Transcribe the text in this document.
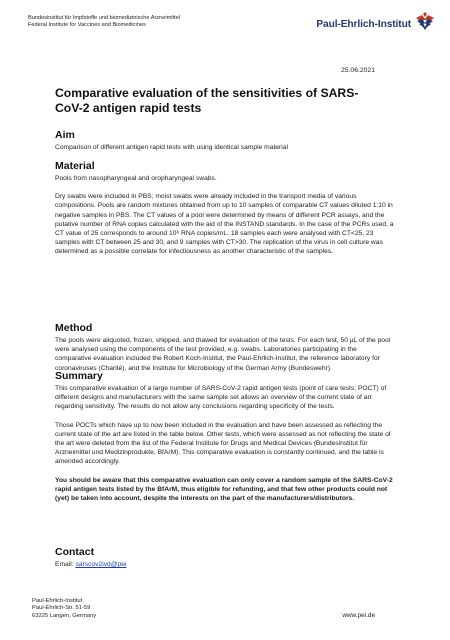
Bundesinstitut für Impfstoffe und biomedizinische Arzneimittel
Federal Institute for Vaccines and Biomedicines	Paul-Ehrlich-Institut
25.06.2021
Comparative evaluation of the sensitivities of SARS-CoV-2 antigen rapid tests
Aim

Comparison of different antigen rapid tests with using identical sample material

Material

Pools from nasopharyngeal and oropharyngeal swabs.

Dry swabs were included in PBS; moist swabs were already included in the transport media of various compositions. Pools are random mixtures obtained from up to 10 samples of comparable CT values diluted 1:10 in negative samples in PBS. The CT values of a pool were determined by means of different PCR assays, and the putative number of RNA copies calculated with the aid of the INSTAND standards. In the case of the PCRs used, a CT value of 25 corresponds to around 10⁶ RNA copies/mL. 18 samples each were analysed with CT<25, 23 samples with CT between 25 and 30, and 9 samples with CT>30. The replication of the virus in cell culture was determined as a possible correlate for infectiousness as another characteristic of the samples.

Method

The pools were aliquoted, frozen, shipped, and thawed for evaluation of the tests. For each test, 50 µL of the pool were analysed using the components of the test provided, e.g. swabs. Laboratories participating in the comparative evaluation included the Robert Koch-Institut, the Paul-Ehrlich-Institut, the reference laboratory for coronaviruses (Charité), and the Institute for Microbiology of the German Army (Bundeswehr).

Summary

This comparative evaluation of a large number of SARS-CoV-2 rapid antigen tests (point of care tests; POCT) of different designs and manufacturers with the same sample set allows an overview of the current state of art regarding sensitivity. The results do not allow any conclusions regarding specificity of the tests.

Those POCTs which have up to now been included in the evaluation and have been assessed as reflecting the current state of the art are listed in the table below. Other tests, which were assessed as not reflecting the state of the art were deleted from the list of the Federal Institute for Drugs and Medical Devices (Bundesinstitut für Arzneimittel und Medizinprodukte, BfArM). This comparative evaluation is constantly continued, and the table is amended accordingly.

You should be aware that this comparative evaluation can only cover a random sample of the SARS-CoV-2 rapid antigen tests listed by the BfArM, thus eligible for refunding, and that few other products could not (yet) be taken into account, despite the interests on the part of the manufacturers/distributors.

Contact

Email: sarscov2ivd@pei

Paul-Ehrlich-Institut
Paul-Ehrlich-Str. 51-59
63225 Langen, Germany	www.pei.de
